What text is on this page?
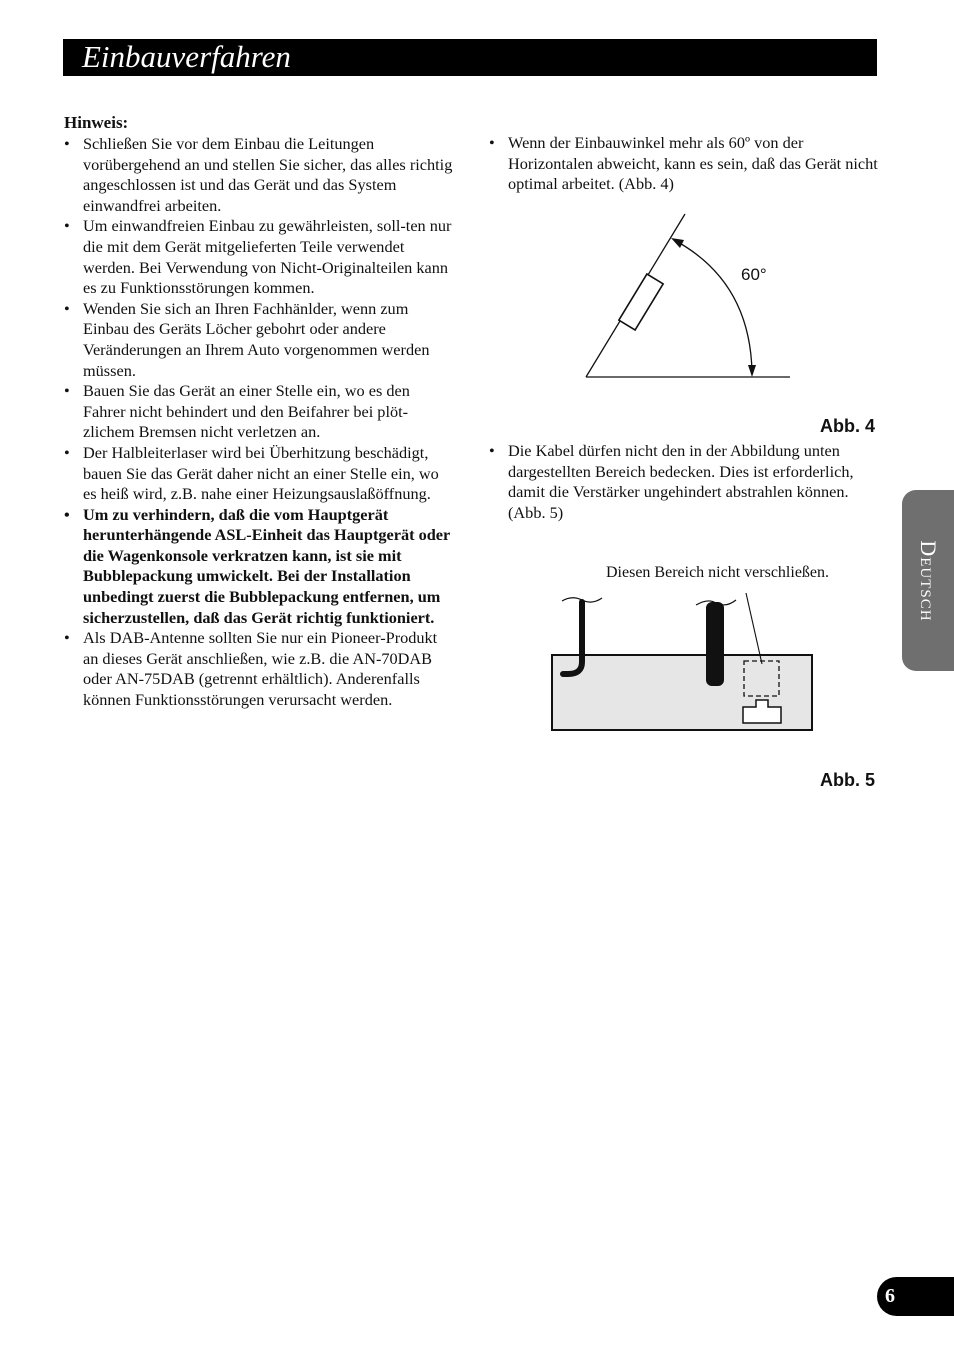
Einbauverfahren

Hinweis:

• Schließen Sie vor dem Einbau die Leitungen vorübergehend an und stellen Sie sicher, das alles richtig angeschlossen ist und das Gerät und das System einwandfrei arbeiten.
• Um einwandfreien Einbau zu gewährleisten, soll-ten nur die mit dem Gerät mitgelieferten Teile verwendet werden. Bei Verwendung von Nicht-Originalteilen kann es zu Funktionsstörungen kommen.
• Wenden Sie sich an Ihren Fachhänlder, wenn zum Einbau des Geräts Löcher gebohrt oder andere Veränderungen an Ihrem Auto vorgenommen werden müssen.
• Bauen Sie das Gerät an einer Stelle ein, wo es den Fahrer nicht behindert und den Beifahrer bei plöt-zlichem Bremsen nicht verletzen an.
• Der Halbleiterlaser wird bei Überhitzung beschädigt, bauen Sie das Gerät daher nicht an einer Stelle ein, wo es heiß wird, z.B. nahe einer Heizungsauslaßöffnung.
• Um zu verhindern, daß die vom Hauptgerät herunterhängende ASL-Einheit das Hauptgerät oder die Wagenkonsole verkratzen kann, ist sie mit Bubblepackung umwickelt. Bei der Installation unbedingt zuerst die Bubblepackung entfernen, um sicherzustellen, daß das Gerät richtig funktioniert.
• Als DAB-Antenne sollten Sie nur ein Pioneer-Produkt an dieses Gerät anschließen, wie z.B. die AN-70DAB oder AN-75DAB (getrennt erhältlich). Anderenfalls können Funktionsstörungen verursacht werden.
• Wenn der Einbauwinkel mehr als 60º von der Horizontalen abweicht, kann es sein, daß das Gerät nicht optimal arbeitet. (Abb. 4)
60°
Abb. 4
• Die Kabel dürfen nicht den in der Abbildung unten dargestellten Bereich bedecken. Dies ist erforderlich, damit die Verstärker ungehindert abstrahlen können. (Abb. 5)
Diesen Bereich nicht verschließen.
Abb. 5
Deutsch
6
